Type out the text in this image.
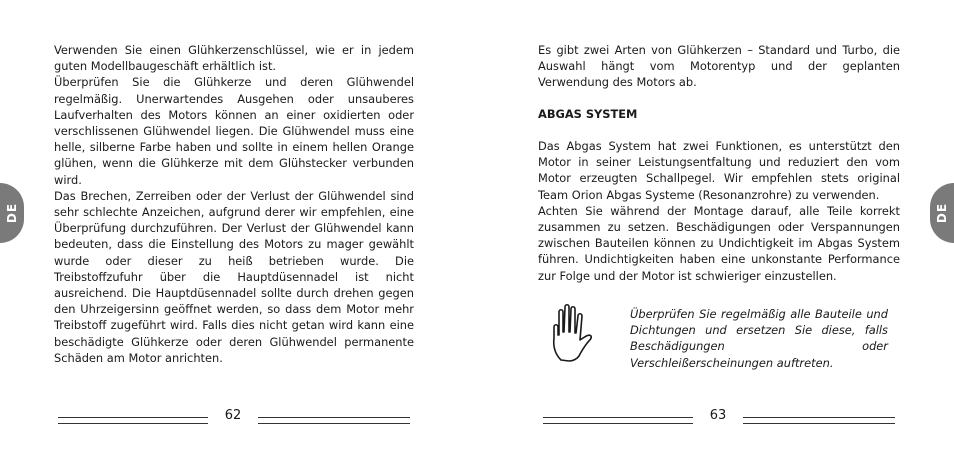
DE

Verwenden Sie einen Glühkerzenschlüssel, wie er in jedem guten Modellbaugeschäft erhältlich ist.

Überprüfen Sie die Glühkerze und deren Glühwendel regelmäßig. Unerwartendes Ausgehen oder unsauberes Laufverhalten des Motors können an einer oxidierten oder verschlissenen Glühwendel liegen. Die Glühwendel muss eine helle, silberne Farbe haben und sollte in einem hellen Orange glühen, wenn die Glühkerze mit dem Glühstecker verbunden wird.

Das Brechen, Zerreiben oder der Verlust der Glühwendel sind sehr schlechte Anzeichen, aufgrund derer wir empfehlen, eine Überprüfung durchzuführen. Der Verlust der Glühwendel kann bedeuten, dass die Einstellung des Motors zu mager gewählt wurde oder dieser zu heiß betrieben wurde. Die Treibstoffzufuhr über die Hauptdüsennadel ist nicht ausreichend. Die Hauptdüsennadel sollte durch drehen gegen den Uhrzeigersinn geöffnet werden, so dass dem Motor mehr Treibstoff zugeführt wird. Falls dies nicht getan wird kann eine beschädigte Glühkerze oder deren Glühwendel permanente Schäden am Motor anrichten.

62

Es gibt zwei Arten von Glühkerzen – Standard und Turbo, die Auswahl hängt vom Motorentyp und der geplanten Verwendung des Motors ab.

ABGAS SYSTEM

Das Abgas System hat zwei Funktionen, es unterstützt den Motor in seiner Leistungsentfaltung und reduziert den vom Motor erzeugten Schallpegel. Wir empfehlen stets original Team Orion Abgas Systeme (Resonanzrohre) zu verwenden.

Achten Sie während der Montage darauf, alle Teile korrekt zusammen zu setzen. Beschädigungen oder Verspannungen zwischen Bauteilen können zu Undichtigkeit im Abgas System führen. Undichtigkeiten haben eine unkonstante Performance zur Folge und der Motor ist schwieriger einzustellen.

Überprüfen Sie regelmäßig alle Bauteile und Dichtungen und ersetzen Sie diese, falls Beschädigungen oder Verschleißerscheinungen auftreten.
DE
63
